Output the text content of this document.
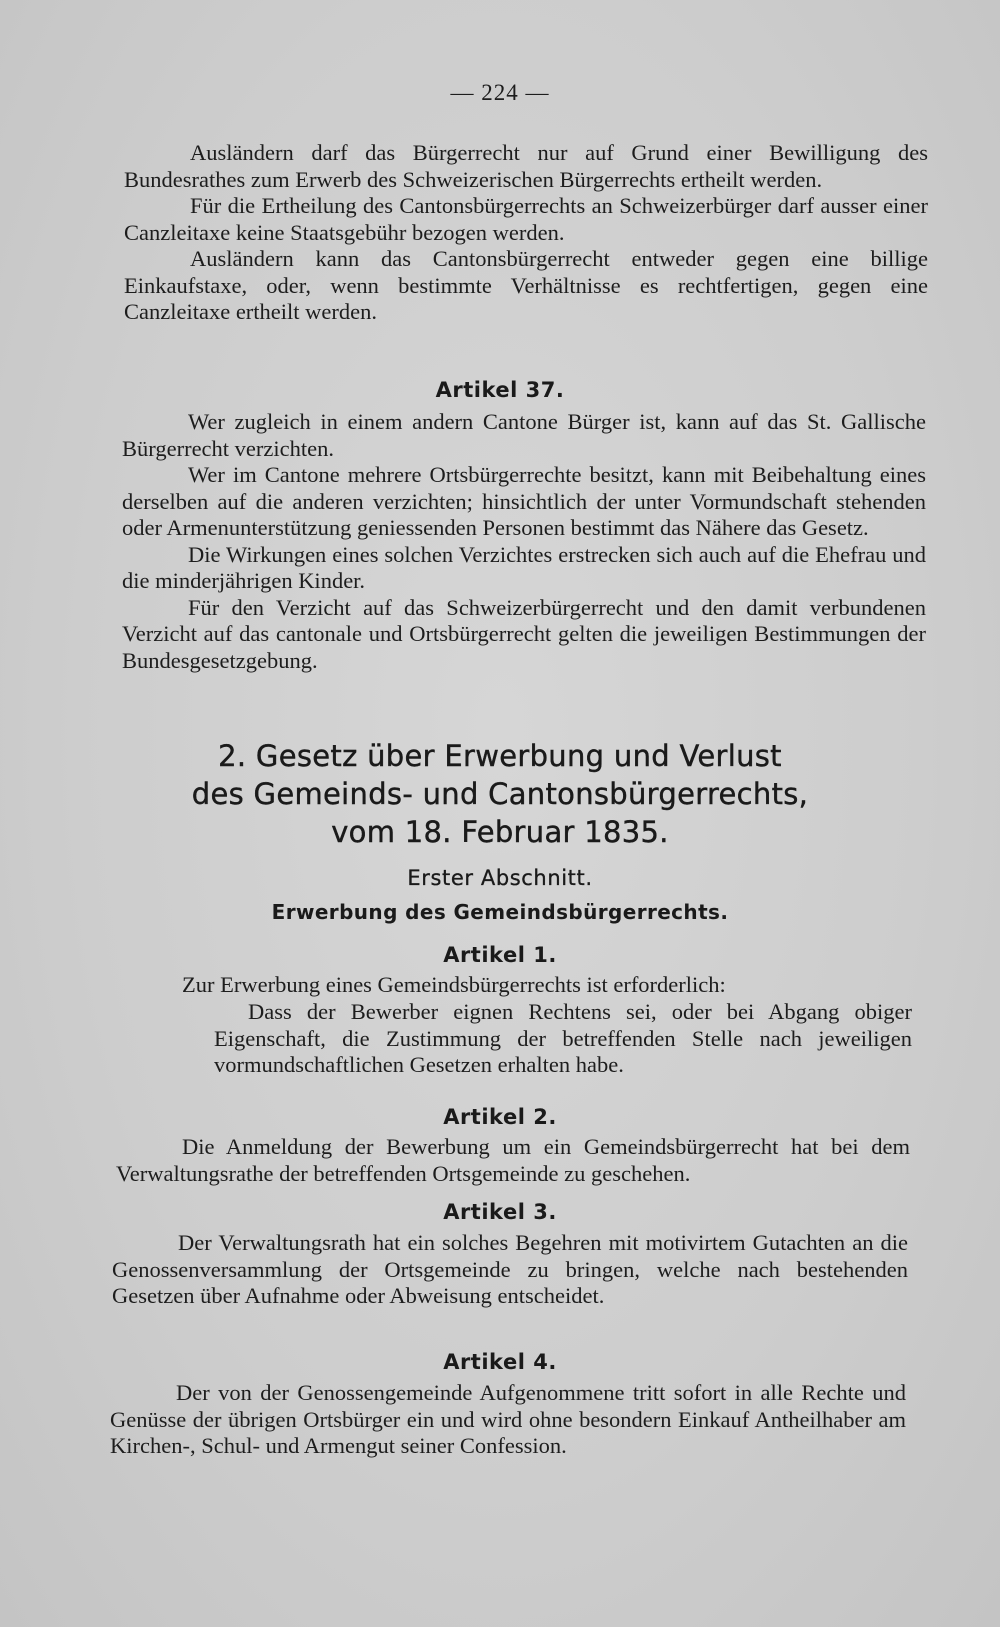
— 224 —

Ausländern darf das Bürgerrecht nur auf Grund einer Bewilligung des Bundesrathes zum Erwerb des Schweizerischen Bürgerrechts ertheilt werden.

Für die Ertheilung des Cantonsbürgerrechts an Schweizerbürger darf ausser einer Canzleitaxe keine Staatsgebühr bezogen werden.

Ausländern kann das Cantonsbürgerrecht entweder gegen eine billige Einkaufstaxe, oder, wenn bestimmte Verhältnisse es rechtfertigen, gegen eine Canzleitaxe ertheilt werden.

Artikel 37.

Wer zugleich in einem andern Cantone Bürger ist, kann auf das St. Gallische Bürgerrecht verzichten.

Wer im Cantone mehrere Ortsbürgerrechte besitzt, kann mit Beibehaltung eines derselben auf die anderen verzichten; hinsichtlich der unter Vormundschaft stehenden oder Armenunterstützung geniessenden Personen bestimmt das Nähere das Gesetz.

Die Wirkungen eines solchen Verzichtes erstrecken sich auch auf die Ehefrau und die minderjährigen Kinder.

Für den Verzicht auf das Schweizerbürgerrecht und den damit verbundenen Verzicht auf das cantonale und Ortsbürgerrecht gelten die jeweiligen Bestimmungen der Bundesgesetzgebung.

2. Gesetz über Erwerbung und Verlust
des Gemeinds- und Cantonsbürgerrechts,
vom 18. Februar 1835.
Erster Abschnitt.
Erwerbung des Gemeindsbürgerrechts.
Artikel 1.

Zur Erwerbung eines Gemeindsbürgerrechts ist erforderlich:

Dass der Bewerber eignen Rechtens sei, oder bei Abgang obiger Eigenschaft, die Zustimmung der betreffenden Stelle nach jeweiligen vormundschaftlichen Gesetzen erhalten habe.

Artikel 2.

Die Anmeldung der Bewerbung um ein Gemeindsbürgerrecht hat bei dem Verwaltungsrathe der betreffenden Ortsgemeinde zu geschehen.

Artikel 3.

Der Verwaltungsrath hat ein solches Begehren mit motivirtem Gutachten an die Genossenversammlung der Ortsgemeinde zu bringen, welche nach bestehenden Gesetzen über Aufnahme oder Abweisung entscheidet.

Artikel 4.

Der von der Genossengemeinde Aufgenommene tritt sofort in alle Rechte und Genüsse der übrigen Ortsbürger ein und wird ohne besondern Einkauf Antheilhaber am Kirchen-, Schul- und Armengut seiner Confession.
